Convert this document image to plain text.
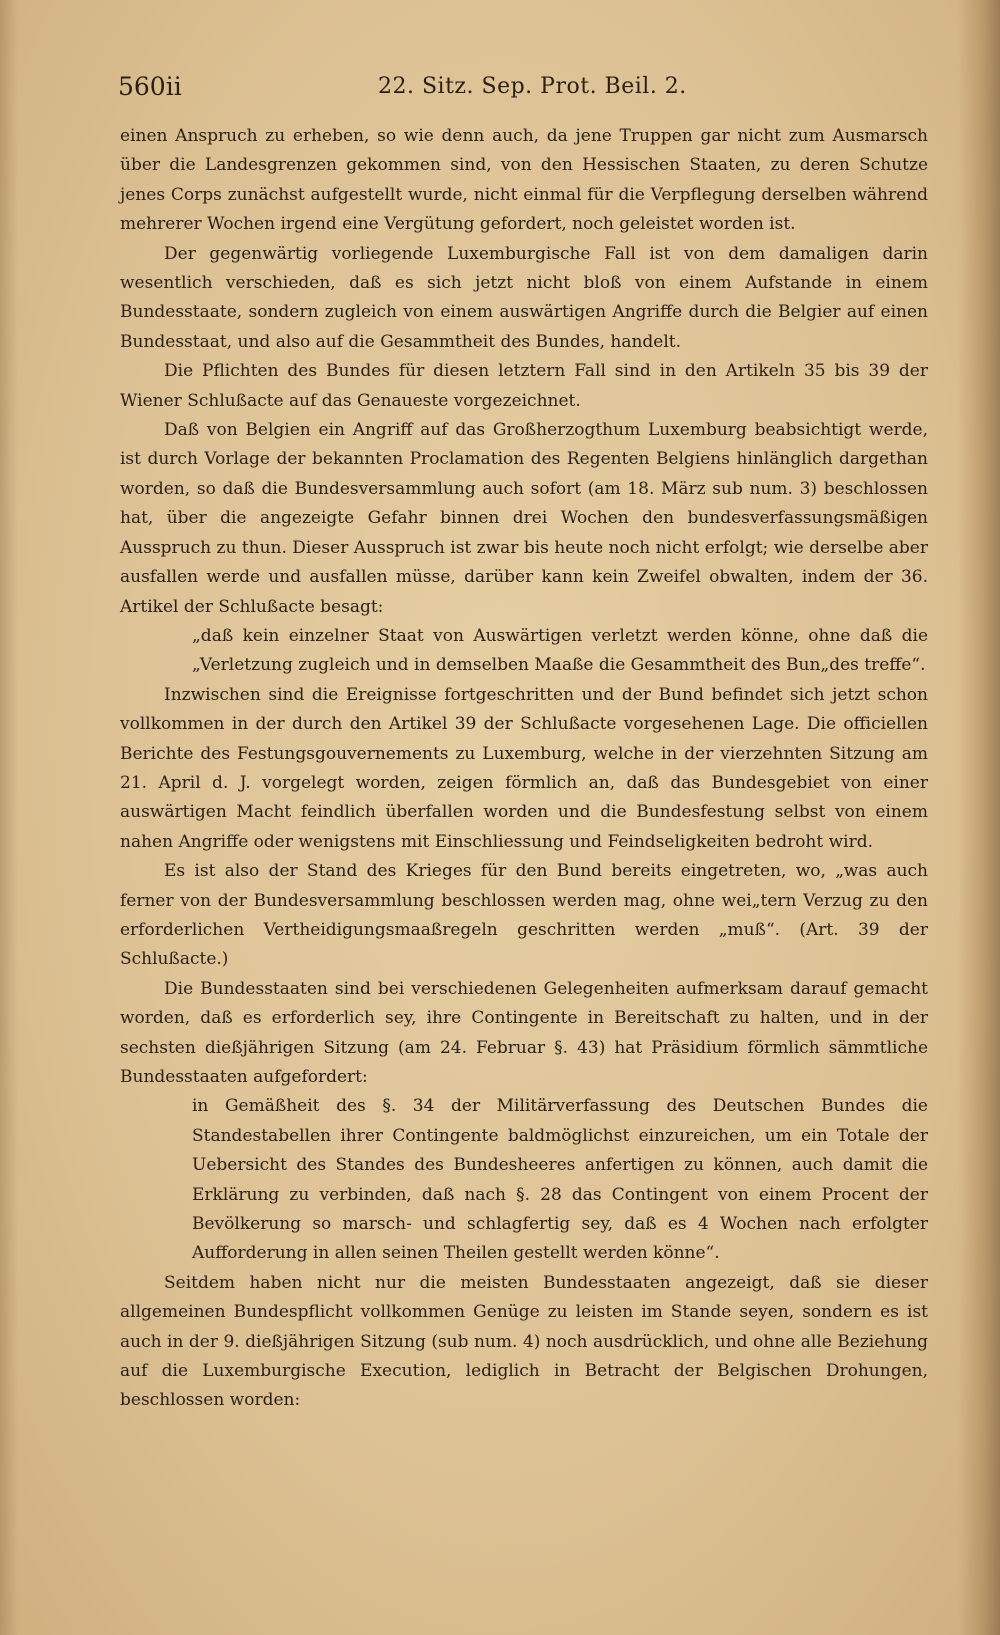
560ii	22. Sitz. Sep. Prot. Beil. 2.

einen Anspruch zu erheben, so wie denn auch, da jene Truppen gar nicht zum Ausmarsch über die Landesgrenzen gekommen sind, von den Hessischen Staaten, zu deren Schutze jenes Corps zunächst aufgestellt wurde, nicht einmal für die Verpflegung derselben während mehrerer Wochen irgend eine Vergütung gefordert, noch geleistet worden ist.

Der gegenwärtig vorliegende Luxemburgische Fall ist von dem damaligen darin wesentlich verschieden, daß es sich jetzt nicht bloß von einem Aufstande in einem Bundesstaate, sondern zugleich von einem auswärtigen Angriffe durch die Belgier auf einen Bundesstaat, und also auf die Gesammtheit des Bundes, handelt.

Die Pflichten des Bundes für diesen letztern Fall sind in den Artikeln 35 bis 39 der Wiener Schlußacte auf das Genaueste vorgezeichnet.

Daß von Belgien ein Angriff auf das Großherzogthum Luxemburg beabsichtigt werde, ist durch Vorlage der bekannten Proclamation des Regenten Belgiens hinlänglich dargethan worden, so daß die Bundesversammlung auch sofort (am 18. März sub num. 3) beschlossen hat, über die angezeigte Gefahr binnen drei Wochen den bundesverfassungsmäßigen Ausspruch zu thun. Dieser Ausspruch ist zwar bis heute noch nicht erfolgt; wie derselbe aber ausfallen werde und ausfallen müsse, darüber kann kein Zweifel obwalten, indem der 36. Artikel der Schlußacte besagt:

„daß kein einzelner Staat von Auswärtigen verletzt werden könne, ohne daß die „Verletzung zugleich und in demselben Maaße die Gesammtheit des Bun„des treffe“.

Inzwischen sind die Ereignisse fortgeschritten und der Bund befindet sich jetzt schon vollkommen in der durch den Artikel 39 der Schlußacte vorgesehenen Lage. Die officiellen Berichte des Festungsgouvernements zu Luxemburg, welche in der vierzehnten Sitzung am 21. April d. J. vorgelegt worden, zeigen förmlich an, daß das Bundesgebiet von einer auswärtigen Macht feindlich überfallen worden und die Bundesfestung selbst von einem nahen Angriffe oder wenigstens mit Einschliessung und Feindseligkeiten bedroht wird.

Es ist also der Stand des Krieges für den Bund bereits eingetreten, wo, „was auch ferner von der Bundesversammlung beschlossen werden mag, ohne wei„tern Verzug zu den erforderlichen Vertheidigungsmaaßregeln geschritten werden „muß“. (Art. 39 der Schlußacte.)

Die Bundesstaaten sind bei verschiedenen Gelegenheiten aufmerksam darauf gemacht worden, daß es erforderlich sey, ihre Contingente in Bereitschaft zu halten, und in der sechsten dießjährigen Sitzung (am 24. Februar §. 43) hat Präsidium förmlich sämmtliche Bundesstaaten aufgefordert:

in Gemäßheit des §. 34 der Militärverfassung des Deutschen Bundes die Standestabellen ihrer Contingente baldmöglichst einzureichen, um ein Totale der Uebersicht des Standes des Bundesheeres anfertigen zu können, auch damit die Erklärung zu verbinden, daß nach §. 28 das Contingent von einem Procent der Bevölkerung so marsch- und schlagfertig sey, daß es 4 Wochen nach erfolgter Aufforderung in allen seinen Theilen gestellt werden könne“.

Seitdem haben nicht nur die meisten Bundesstaaten angezeigt, daß sie dieser allgemeinen Bundespflicht vollkommen Genüge zu leisten im Stande seyen, sondern es ist auch in der 9. dießjährigen Sitzung (sub num. 4) noch ausdrücklich, und ohne alle Beziehung auf die Luxemburgische Execution, lediglich in Betracht der Belgischen Drohungen, beschlossen worden:
